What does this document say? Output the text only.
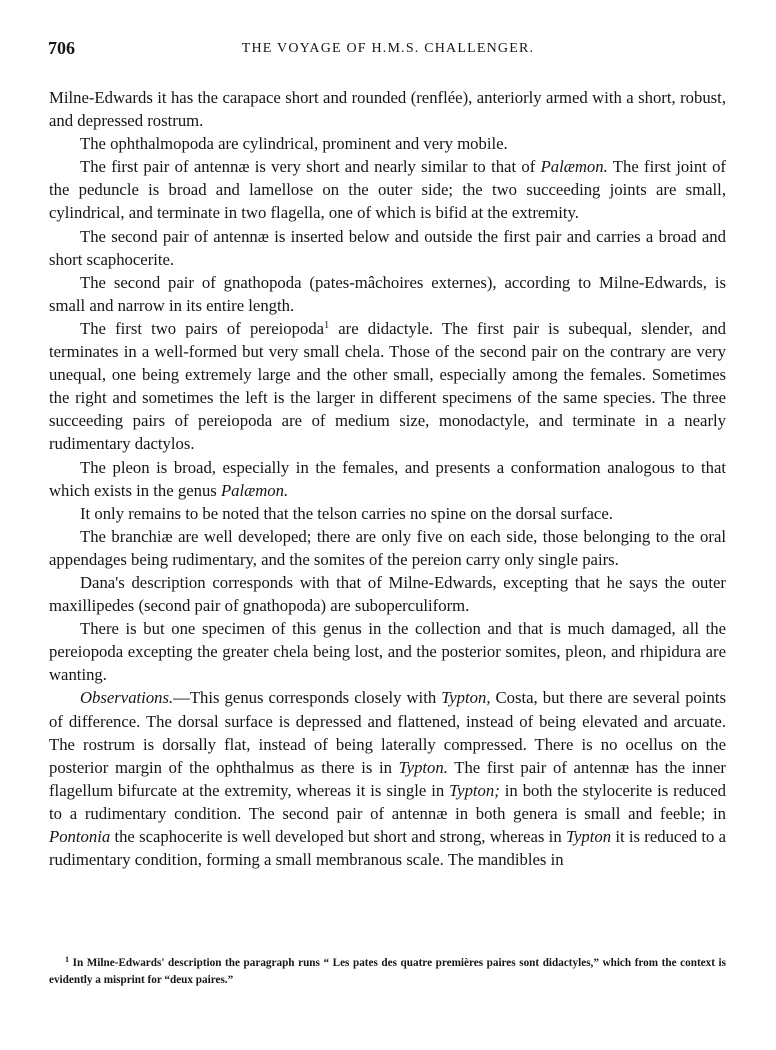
706	THE VOYAGE OF H.M.S. CHALLENGER.

Milne-Edwards it has the carapace short and rounded (renflée), anteriorly armed with a short, robust, and depressed rostrum.

The ophthalmopoda are cylindrical, prominent and very mobile.

The first pair of antennæ is very short and nearly similar to that of Palæmon. The first joint of the peduncle is broad and lamellose on the outer side; the two succeeding joints are small, cylindrical, and terminate in two flagella, one of which is bifid at the extremity.

The second pair of antennæ is inserted below and outside the first pair and carries a broad and short scaphocerite.

The second pair of gnathopoda (pates-mâchoires externes), according to Milne-Edwards, is small and narrow in its entire length.

The first two pairs of pereiopoda$^1$ are didactyle. The first pair is subequal, slender, and terminates in a well-formed but very small chela. Those of the second pair on the contrary are very unequal, one being extremely large and the other small, especially among the females. Sometimes the right and sometimes the left is the larger in different specimens of the same species. The three succeeding pairs of pereiopoda are of medium size, monodactyle, and terminate in a nearly rudimentary dactylos.

The pleon is broad, especially in the females, and presents a conformation analogous to that which exists in the genus Palæmon.

It only remains to be noted that the telson carries no spine on the dorsal surface.

The branchiæ are well developed; there are only five on each side, those belonging to the oral appendages being rudimentary, and the somites of the pereion carry only single pairs.

Dana's description corresponds with that of Milne-Edwards, excepting that he says the outer maxillipedes (second pair of gnathopoda) are suboperculiform.

There is but one specimen of this genus in the collection and that is much damaged, all the pereiopoda excepting the greater chela being lost, and the posterior somites, pleon, and rhipidura are wanting.

Observations.—This genus corresponds closely with Typton, Costa, but there are several points of difference. The dorsal surface is depressed and flattened, instead of being elevated and arcuate. The rostrum is dorsally flat, instead of being laterally compressed. There is no ocellus on the posterior margin of the ophthalmus as there is in Typton. The first pair of antennæ has the inner flagellum bifurcate at the extremity, whereas it is single in Typton; in both the stylocerite is reduced to a rudimentary condition. The second pair of antennæ in both genera is small and feeble; in Pontonia the scaphocerite is well developed but short and strong, whereas in Typton it is reduced to a rudimentary condition, forming a small membranous scale. The mandibles in

$^1$ In Milne-Edwards' description the paragraph runs “ Les pates des quatre premières paires sont didactyles,” which from the context is evidently a misprint for “deux paires.”
